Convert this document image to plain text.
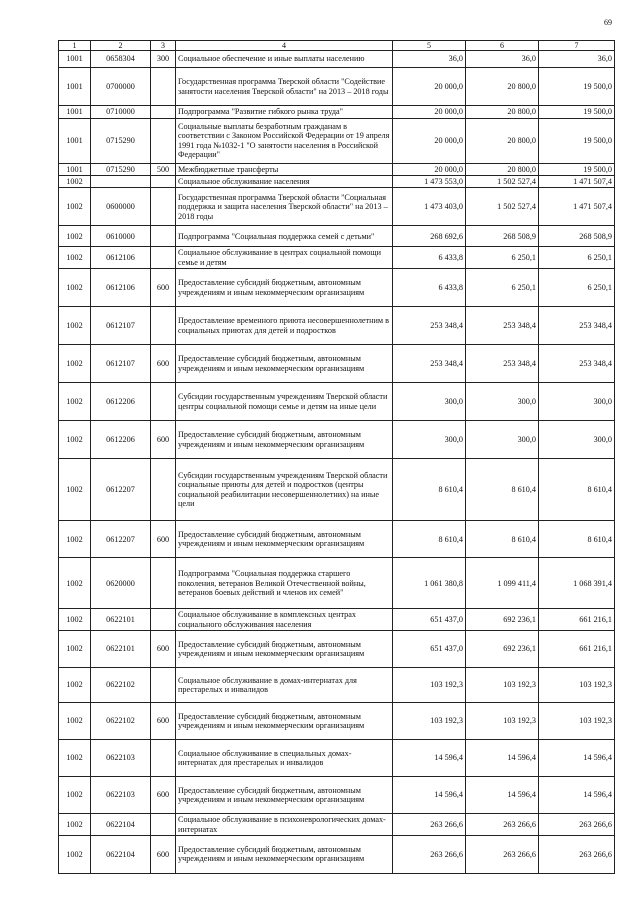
69
1	2	3	4	5	6	7
1001	0658304	300	Социальное обеспечение и иные выплаты населению	36,0	36,0	36,0
1001	0700000		Государственная программа Тверской области "Содействие занятости населения Тверской области" на 2013 – 2018 годы	20 000,0	20 800,0	19 500,0
1001	0710000		Подпрограмма "Развитие гибкого рынка труда"	20 000,0	20 800,0	19 500,0
1001	0715290		Социальные выплаты безработным гражданам в соответствии с Законом Российской Федерации от 19 апреля 1991 года №1032-1 "О занятости населения в Российской Федерации"	20 000,0	20 800,0	19 500,0
1001	0715290	500	Межбюджетные трансферты	20 000,0	20 800,0	19 500,0
1002			Социальное обслуживание населения	1 473 553,0	1 502 527,4	1 471 507,4
1002	0600000		Государственная программа Тверской области "Социальная поддержка и защита населения Тверской области" на 2013 – 2018 годы	1 473 403,0	1 502 527,4	1 471 507,4
1002	0610000		Подпрограмма "Социальная поддержка семей с детьми"	268 692,6	268 508,9	268 508,9
1002	0612106		Социальное обслуживание в центрах социальной помощи семье и детям	6 433,8	6 250,1	6 250,1
1002	0612106	600	Предоставление субсидий бюджетным, автономным учреждениям и иным некоммерческим организациям	6 433,8	6 250,1	6 250,1
1002	0612107		Предоставление временного приюта несовершеннолетним в социальных приютах для детей и подростков	253 348,4	253 348,4	253 348,4
1002	0612107	600	Предоставление субсидий бюджетным, автономным учреждениям и иным некоммерческим организациям	253 348,4	253 348,4	253 348,4
1002	0612206		Субсидии государственным учреждениям Тверской области центры социальной помощи семье и детям на иные цели	300,0	300,0	300,0
1002	0612206	600	Предоставление субсидий бюджетным, автономным учреждениям и иным некоммерческим организациям	300,0	300,0	300,0
1002	0612207		Субсидии государственным учреждениям Тверской области социальные приюты для детей и подростков (центры социальной реабилитации несовершеннолетних) на иные цели	8 610,4	8 610,4	8 610,4
1002	0612207	600	Предоставление субсидий бюджетным, автономным учреждениям и иным некоммерческим организациям	8 610,4	8 610,4	8 610,4
1002	0620000		Подпрограмма "Социальная поддержка старшего поколения, ветеранов Великой Отечественной войны, ветеранов боевых действий и членов их семей"	1 061 380,8	1 099 411,4	1 068 391,4
1002	0622101		Социальное обслуживание в комплексных центрах социального обслуживания населения	651 437,0	692 236,1	661 216,1
1002	0622101	600	Предоставление субсидий бюджетным, автономным учреждениям и иным некоммерческим организациям	651 437,0	692 236,1	661 216,1
1002	0622102		Социальное обслуживание в домах-интернатах для престарелых и инвалидов	103 192,3	103 192,3	103 192,3
1002	0622102	600	Предоставление субсидий бюджетным, автономным учреждениям и иным некоммерческим организациям	103 192,3	103 192,3	103 192,3
1002	0622103		Социальное обслуживание в специальных домах-интернатах для престарелых и инвалидов	14 596,4	14 596,4	14 596,4
1002	0622103	600	Предоставление субсидий бюджетным, автономным учреждениям и иным некоммерческим организациям	14 596,4	14 596,4	14 596,4
1002	0622104		Социальное обслуживание в психоневрологических домах-интернатах	263 266,6	263 266,6	263 266,6
1002	0622104	600	Предоставление субсидий бюджетным, автономным учреждениям и иным некоммерческим организациям	263 266,6	263 266,6	263 266,6
